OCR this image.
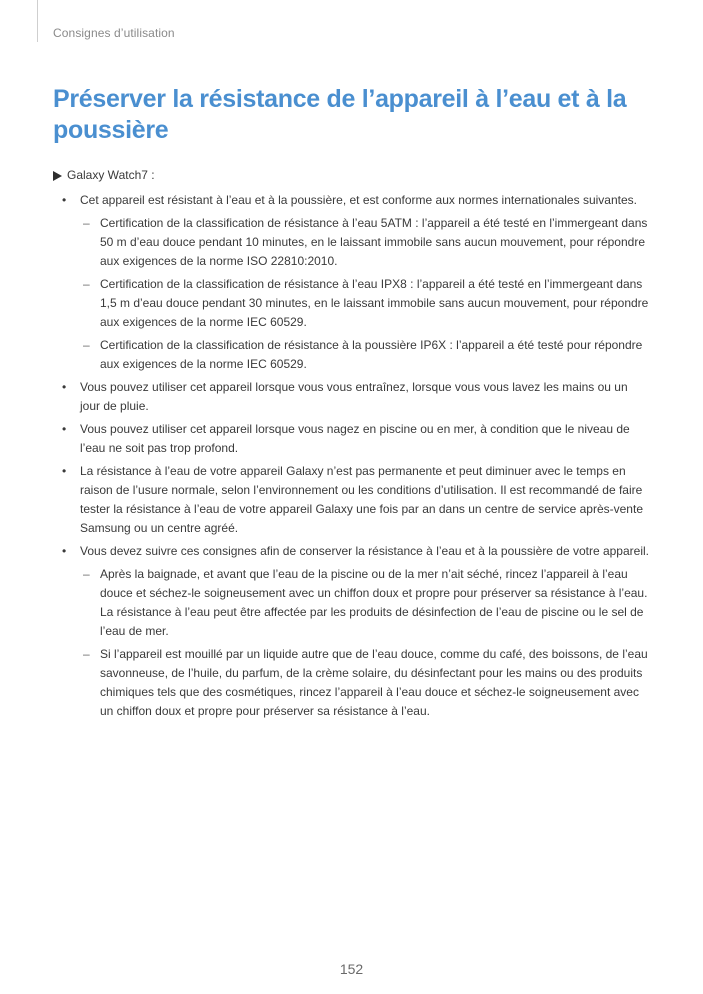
Consignes d’utilisation
Préserver la résistance de l’appareil à l’eau et à la poussière
Galaxy Watch7 :
• Cet appareil est résistant à l’eau et à la poussière, et est conforme aux normes internationales suivantes.
– Certification de la classification de résistance à l’eau 5ATM : l’appareil a été testé en l’immergeant dans 50 m d’eau douce pendant 10 minutes, en le laissant immobile sans aucun mouvement, pour répondre aux exigences de la norme ISO 22810:2010.
– Certification de la classification de résistance à l’eau IPX8 : l’appareil a été testé en l’immergeant dans 1,5 m d’eau douce pendant 30 minutes, en le laissant immobile sans aucun mouvement, pour répondre aux exigences de la norme IEC 60529.
– Certification de la classification de résistance à la poussière IP6X : l’appareil a été testé pour répondre aux exigences de la norme IEC 60529.
• Vous pouvez utiliser cet appareil lorsque vous vous entraînez, lorsque vous vous lavez les mains ou un jour de pluie.
• Vous pouvez utiliser cet appareil lorsque vous nagez en piscine ou en mer, à condition que le niveau de l’eau ne soit pas trop profond.
• La résistance à l’eau de votre appareil Galaxy n’est pas permanente et peut diminuer avec le temps en raison de l’usure normale, selon l’environnement ou les conditions d’utilisation. Il est recommandé de faire tester la résistance à l’eau de votre appareil Galaxy une fois par an dans un centre de service après-vente Samsung ou un centre agréé.
• Vous devez suivre ces consignes afin de conserver la résistance à l’eau et à la poussière de votre appareil.
– Après la baignade, et avant que l’eau de la piscine ou de la mer n’ait séché, rincez l’appareil à l’eau douce et séchez-le soigneusement avec un chiffon doux et propre pour préserver sa résistance à l’eau. La résistance à l’eau peut être affectée par les produits de désinfection de l’eau de piscine ou le sel de l’eau de mer.
– Si l’appareil est mouillé par un liquide autre que de l’eau douce, comme du café, des boissons, de l’eau savonneuse, de l’huile, du parfum, de la crème solaire, du désinfectant pour les mains ou des produits chimiques tels que des cosmétiques, rincez l’appareil à l’eau douce et séchez-le soigneusement avec un chiffon doux et propre pour préserver sa résistance à l’eau.
152
